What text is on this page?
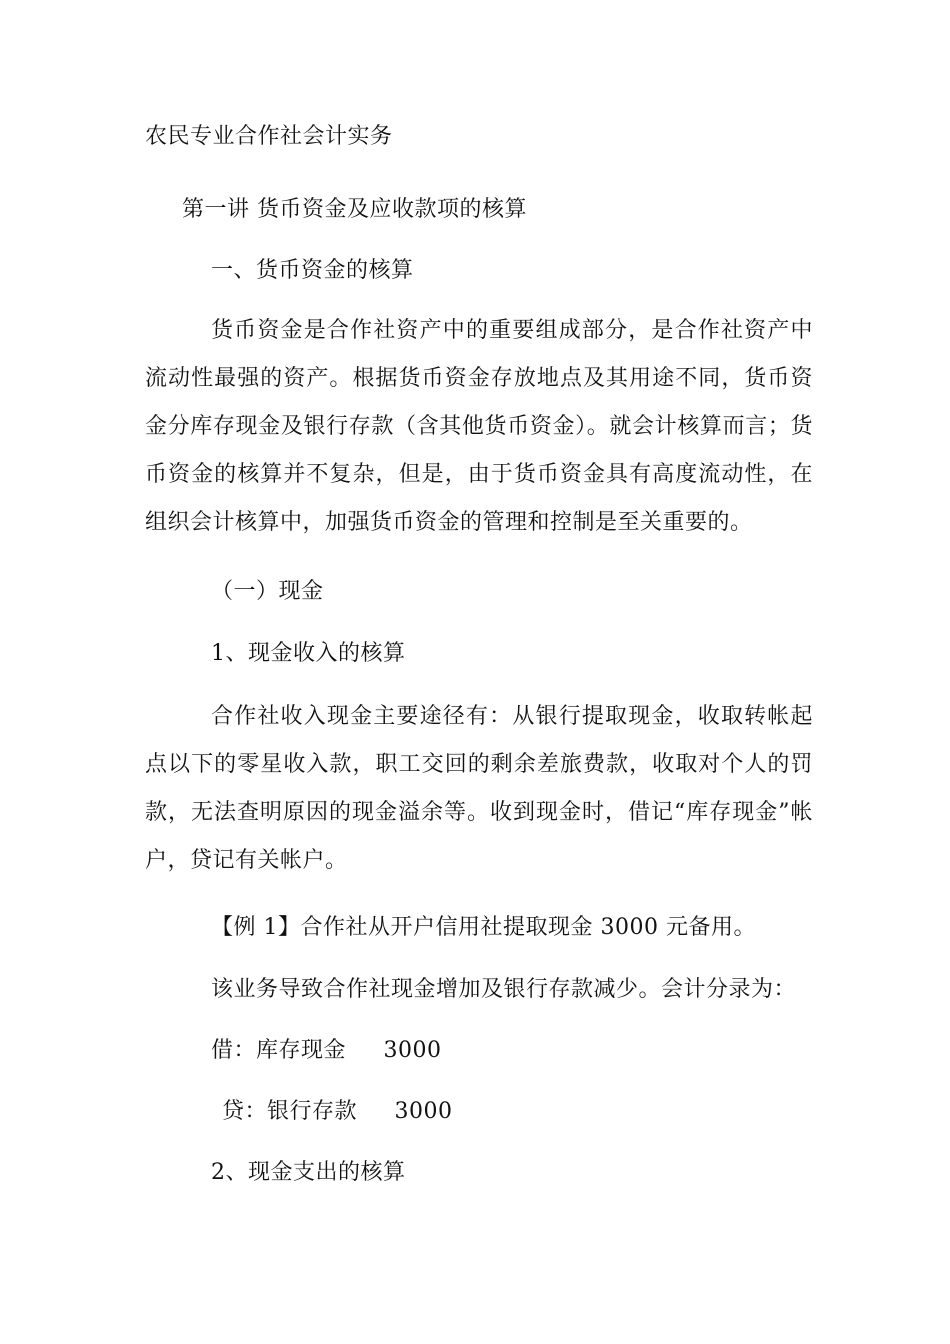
农民专业合作社会计实务
第一讲 货币资金及应收款项的核算
一、货币资金的核算
货币资金是合作社资产中的重要组成部分，是合作社资产中流动性最强的资产。根据货币资金存放地点及其用途不同，货币资金分库存现金及银行存款（含其他货币资金）。就会计核算而言；货币资金的核算并不复杂，但是，由于货币资金具有高度流动性，在组织会计核算中，加强货币资金的管理和控制是至关重要的。
（一）现金
1、现金收入的核算
合作社收入现金主要途径有：从银行提取现金，收取转帐起点以下的零星收入款，职工交回的剩余差旅费款，收取对个人的罚款，无法查明原因的现金溢余等。收到现金时，借记“库存现金”帐户，贷记有关帐户。
【例 1】合作社从开户信用社提取现金 3000 元备用。
该业务导致合作社现金增加及银行存款减少。会计分录为：
借：库存现金     3000
贷：银行存款     3000
2、现金支出的核算
